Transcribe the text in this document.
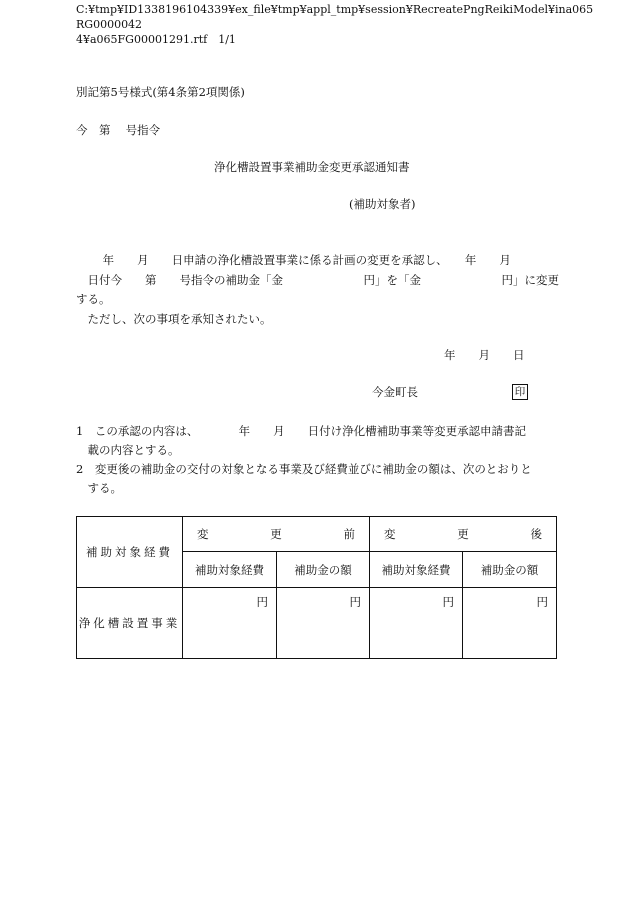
C:¥tmp¥ID1338196104339¥ex_file¥tmp¥appl_tmp¥session¥RecreatePngReikiModel¥ina065RG0000042
4¥a065FG00001291.rtf　1/1
別記第5号様式(第4条第2項関係)
今　第　 号指令
浄化槽設置事業補助金変更承認通知書
(補助対象者)
　　 年　　月　　日申請の浄化槽設置事業に係る計画の変更を承認し、　　年　　月
　日付今　　第　　号指令の補助金「金　　　　　　　円」を「金　　　　　　　円」に変更
する。
　ただし、次の事項を承知されたい。
年　　月　　日
今金町長	印
1　この承認の内容は、　　　　年　　月　　日付け浄化槽補助事業等変更承認申請書記
　載の内容とする。
2　変更後の補助金の交付の対象となる事業及び経費並びに補助金の額は、次のとおりと
　する。
補助対象経費	変 更 前		変 更 後	

	補助対象経費	補助金の額	補助対象経費	補助金の額
浄化槽設置事業	円	円	円	円
